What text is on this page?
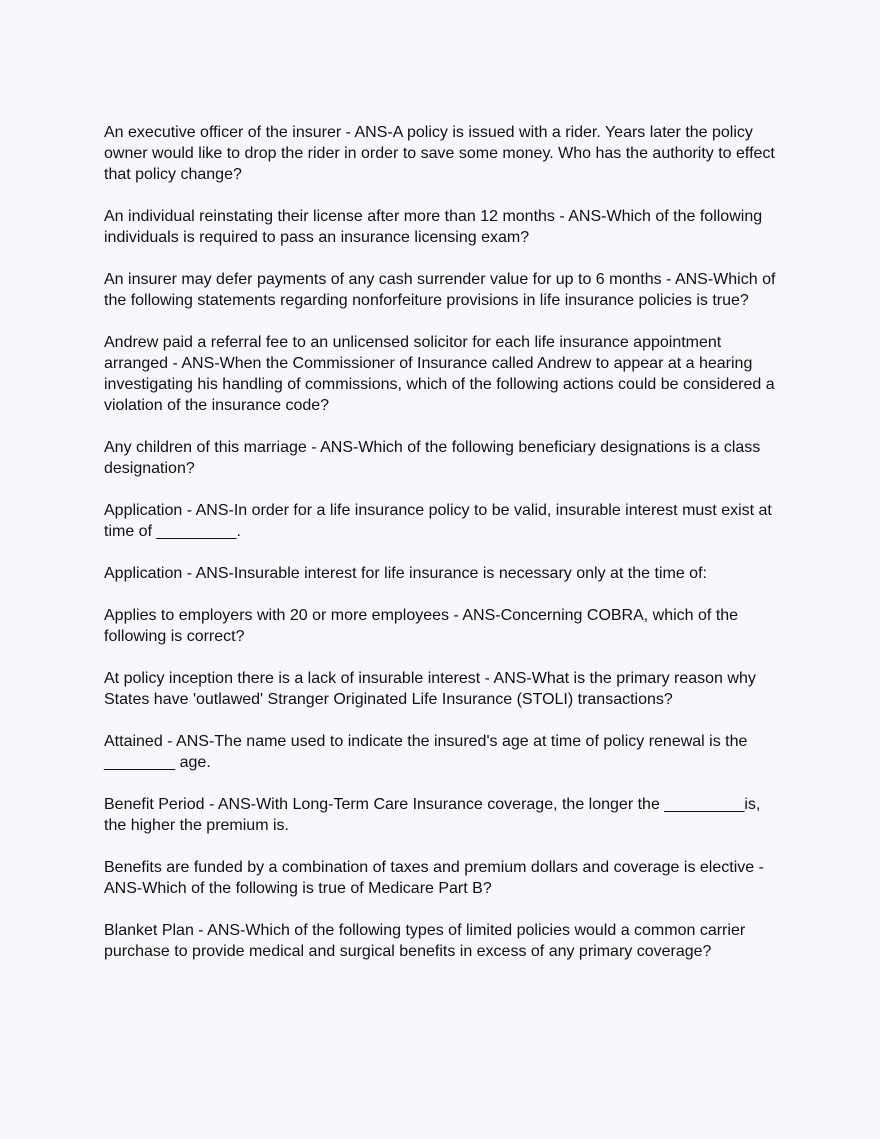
An executive officer of the insurer - ANS-A policy is issued with a rider. Years later the policy owner would like to drop the rider in order to save some money. Who has the authority to effect that policy change?

An individual reinstating their license after more than 12 months - ANS-Which of the following individuals is required to pass an insurance licensing exam?

An insurer may defer payments of any cash surrender value for up to 6 months - ANS-Which of the following statements regarding nonforfeiture provisions in life insurance policies is true?

Andrew paid a referral fee to an unlicensed solicitor for each life insurance appointment arranged - ANS-When the Commissioner of Insurance called Andrew to appear at a hearing investigating his handling of commissions, which of the following actions could be considered a violation of the insurance code?

Any children of this marriage - ANS-Which of the following beneficiary designations is a class designation?

Application - ANS-In order for a life insurance policy to be valid, insurable interest must exist at time of _________.

Application - ANS-Insurable interest for life insurance is necessary only at the time of:

Applies to employers with 20 or more employees - ANS-Concerning COBRA, which of the following is correct?

At policy inception there is a lack of insurable interest - ANS-What is the primary reason why States have 'outlawed' Stranger Originated Life Insurance (STOLI) transactions?

Attained - ANS-The name used to indicate the insured's age at time of policy renewal is the ________ age.

Benefit Period - ANS-With Long-Term Care Insurance coverage, the longer the _________is, the higher the premium is.

Benefits are funded by a combination of taxes and premium dollars and coverage is elective - ANS-Which of the following is true of Medicare Part B?

Blanket Plan - ANS-Which of the following types of limited policies would a common carrier purchase to provide medical and surgical benefits in excess of any primary coverage?
